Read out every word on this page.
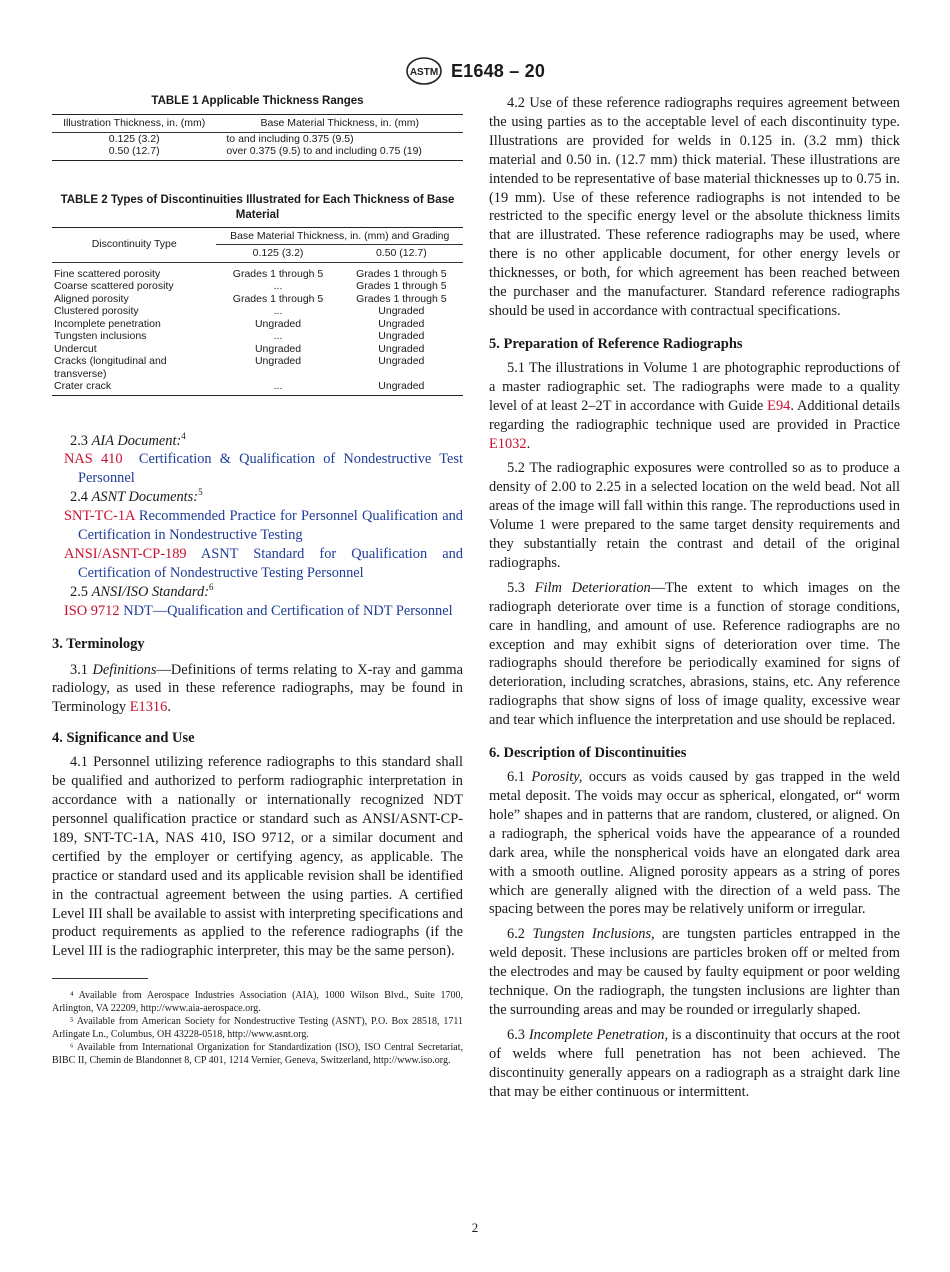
ASTM E1648 – 20
TABLE 1 Applicable Thickness Ranges
Illustration Thickness, in. (mm)	Base Material Thickness, in. (mm)
0.125 (3.2)	to and including 0.375 (9.5)
0.50 (12.7)	over 0.375 (9.5) to and including 0.75 (19)
TABLE 2 Types of Discontinuities Illustrated for Each Thickness of Base Material
Discontinuity Type	Base Material Thickness, in. (mm) and Grading	
	0.125 (3.2)	0.50 (12.7)
Fine scattered porosity	Grades 1 through 5	Grades 1 through 5
Coarse scattered porosity	...	Grades 1 through 5
Aligned porosity	Grades 1 through 5	Grades 1 through 5
Clustered porosity	...	Ungraded
Incomplete penetration	Ungraded	Ungraded
Tungsten inclusions	...	Ungraded
Undercut	Ungraded	Ungraded
Cracks (longitudinal and transverse)	Ungraded	Ungraded
Crater crack	...	Ungraded

2.3 AIA Document:$^4$

NAS 410 Certification & Qualification of Nondestructive Test Personnel

2.4 ASNT Documents:$^5$

SNT-TC-1A Recommended Practice for Personnel Qualification and Certification in Nondestructive Testing

ANSI/ASNT-CP-189 ASNT Standard for Qualification and Certification of Nondestructive Testing Personnel

2.5 ANSI/ISO Standard:$^6$

ISO 9712 NDT—Qualification and Certification of NDT Personnel

3. Terminology

3.1 Definitions—Definitions of terms relating to X-ray and gamma radiology, as used in these reference radiographs, may be found in Terminology E1316.

4. Significance and Use

4.1 Personnel utilizing reference radiographs to this standard shall be qualified and authorized to perform radiographic interpretation in accordance with a nationally or internationally recognized NDT personnel qualification practice or standard such as ANSI/ASNT-CP-189, SNT-TC-1A, NAS 410, ISO 9712, or a similar document and certified by the employer or certifying agency, as applicable. The practice or standard used and its applicable revision shall be identified in the contractual agreement between the using parties. A certified Level III shall be available to assist with interpreting specifications and product requirements as applied to the reference radiographs (if the Level III is the radiographic interpreter, this may be the same person).

⁴ Available from Aerospace Industries Association (AIA), 1000 Wilson Blvd., Suite 1700, Arlington, VA 22209, http://www.aia-aerospace.org.

⁵ Available from American Society for Nondestructive Testing (ASNT), P.O. Box 28518, 1711 Arlingate Ln., Columbus, OH 43228-0518, http://www.asnt.org.

⁶ Available from International Organization for Standardization (ISO), ISO Central Secretariat, BIBC II, Chemin de Blandonnet 8, CP 401, 1214 Vernier, Geneva, Switzerland, http://www.iso.org.

4.2 Use of these reference radiographs requires agreement between the using parties as to the acceptable level of each discontinuity type. Illustrations are provided for welds in 0.125 in. (3.2 mm) thick material and 0.50 in. (12.7 mm) thick material. These illustrations are intended to be representative of base material thicknesses up to 0.75 in. (19 mm). Use of these reference radiographs is not intended to be restricted to the specific energy level or the absolute thickness limits that are illustrated. These reference radiographs may be used, where there is no other applicable document, for other energy levels or thicknesses, or both, for which agreement has been reached between the purchaser and the manufacturer. Standard reference radiographs should be used in accordance with contractual specifications.

5. Preparation of Reference Radiographs

5.1 The illustrations in Volume 1 are photographic reproductions of a master radiographic set. The radiographs were made to a quality level of at least 2–2T in accordance with Guide E94. Additional details regarding the radiographic technique used are provided in Practice E1032.

5.2 The radiographic exposures were controlled so as to produce a density of 2.00 to 2.25 in a selected location on the weld bead. Not all areas of the image will fall within this range. The reproductions used in Volume 1 were prepared to the same target density requirements and they substantially retain the contrast and detail of the original radiographs.

5.3 Film Deterioration—The extent to which images on the radiograph deteriorate over time is a function of storage conditions, care in handling, and amount of use. Reference radiographs are no exception and may exhibit signs of deterioration over time. The radiographs should therefore be periodically examined for signs of deterioration, including scratches, abrasions, stains, etc. Any reference radiographs that show signs of loss of image quality, excessive wear and tear which influence the interpretation and use should be replaced.

6. Description of Discontinuities

6.1 Porosity, occurs as voids caused by gas trapped in the weld metal deposit. The voids may occur as spherical, elongated, or“ worm hole” shapes and in patterns that are random, clustered, or aligned. On a radiograph, the spherical voids have the appearance of a rounded dark area, while the nonspherical voids have an elongated dark area with a smooth outline. Aligned porosity appears as a string of pores which are generally aligned with the direction of a weld pass. The spacing between the pores may be relatively uniform or irregular.

6.2 Tungsten Inclusions, are tungsten particles entrapped in the weld deposit. These inclusions are particles broken off or melted from the electrodes and may be caused by faulty equipment or poor welding technique. On the radiograph, the tungsten inclusions are lighter than the surrounding areas and may be rounded or irregularly shaped.

6.3 Incomplete Penetration, is a discontinuity that occurs at the root of welds where full penetration has not been achieved. The discontinuity generally appears on a radiograph as a straight dark line that may be either continuous or intermittent.

2
